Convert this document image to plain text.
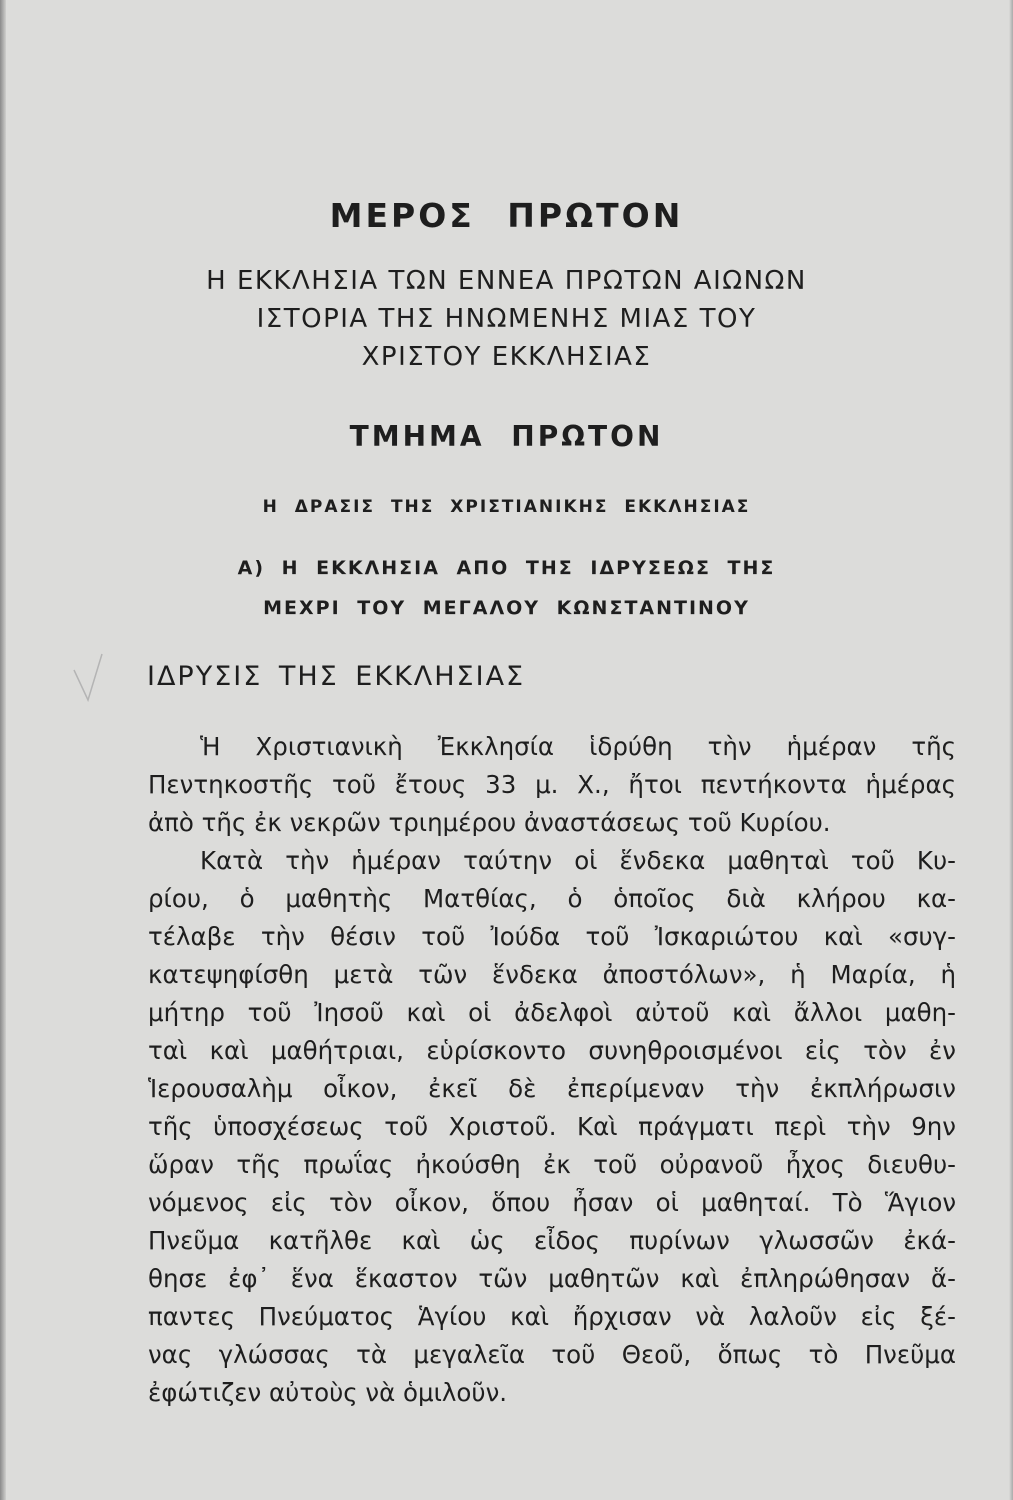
ΜΕΡΟΣ ΠΡΩΤΟΝ
Η ΕΚΚΛΗΣΙΑ ΤΩΝ ΕΝΝΕΑ ΠΡΩΤΩΝ ΑΙΩΝΩΝ
ΙΣΤΟΡΙΑ ΤΗΣ ΗΝΩΜΕΝΗΣ ΜΙΑΣ ΤΟΥ
ΧΡΙΣΤΟΥ ΕΚΚΛΗΣΙΑΣ
ΤΜΗΜΑ ΠΡΩΤΟΝ
Η ΔΡΑΣΙΣ ΤΗΣ ΧΡΙΣΤΙΑΝΙΚΗΣ ΕΚΚΛΗΣΙΑΣ
Α) Η ΕΚΚΛΗΣΙΑ ΑΠΟ ΤΗΣ ΙΔΡΥΣΕΩΣ ΤΗΣ
ΜΕΧΡΙ ΤΟΥ ΜΕΓΑΛΟΥ ΚΩΝΣΤΑΝΤΙΝΟΥ
ΙΔΡΥΣΙΣ ΤΗΣ ΕΚΚΛΗΣΙΑΣ
Ἡ Χριστιανικὴ Ἐκκλησία ἱδρύθη τὴν ἡμέραν τῆς
Πεντηκοστῆς τοῦ ἔτους 33 μ. Χ., ἤτοι πεντήκοντα ἡμέρας
ἀπὸ τῆς ἐκ νεκρῶν τριημέρου ἀναστάσεως τοῦ Κυρίου.
Κατὰ τὴν ἡμέραν ταύτην οἱ ἕνδεκα μαθηταὶ τοῦ Κυ-
ρίου, ὁ μαθητὴς Ματθίας, ὁ ὁποῖος διὰ κλήρου κα-
τέλαβε τὴν θέσιν τοῦ Ἰούδα τοῦ Ἰσκαριώτου καὶ «συγ-
κατεψηφίσθη μετὰ τῶν ἕνδεκα ἀποστόλων», ἡ Μαρία, ἡ
μήτηρ τοῦ Ἰησοῦ καὶ οἱ ἀδελφοὶ αὐτοῦ καὶ ἄλλοι μαθη-
ταὶ καὶ μαθήτριαι, εὑρίσκοντο συνηθροισμένοι εἰς τὸν ἐν
Ἱερουσαλὴμ οἶκον, ἐκεῖ δὲ ἐπερίμεναν τὴν ἐκπλήρωσιν
τῆς ὑποσχέσεως τοῦ Χριστοῦ. Καὶ πράγματι περὶ τὴν 9ην
ὥραν τῆς πρωΐας ἠκούσθη ἐκ τοῦ οὐρανοῦ ἦχος διευθυ-
νόμενος εἰς τὸν οἶκον, ὅπου ἦσαν οἱ μαθηταί. Τὸ Ἅγιον
Πνεῦμα κατῆλθε καὶ ὡς εἶδος πυρίνων γλωσσῶν ἐκά-
θησε ἐφ᾽ ἕνα ἕκαστον τῶν μαθητῶν καὶ ἐπληρώθησαν ἅ-
παντες Πνεύματος Ἁγίου καὶ ἤρχισαν νὰ λαλοῦν εἰς ξέ-
νας γλώσσας τὰ μεγαλεῖα τοῦ Θεοῦ, ὅπως τὸ Πνεῦμα
ἐφώτιζεν αὐτοὺς νὰ ὁμιλοῦν.
